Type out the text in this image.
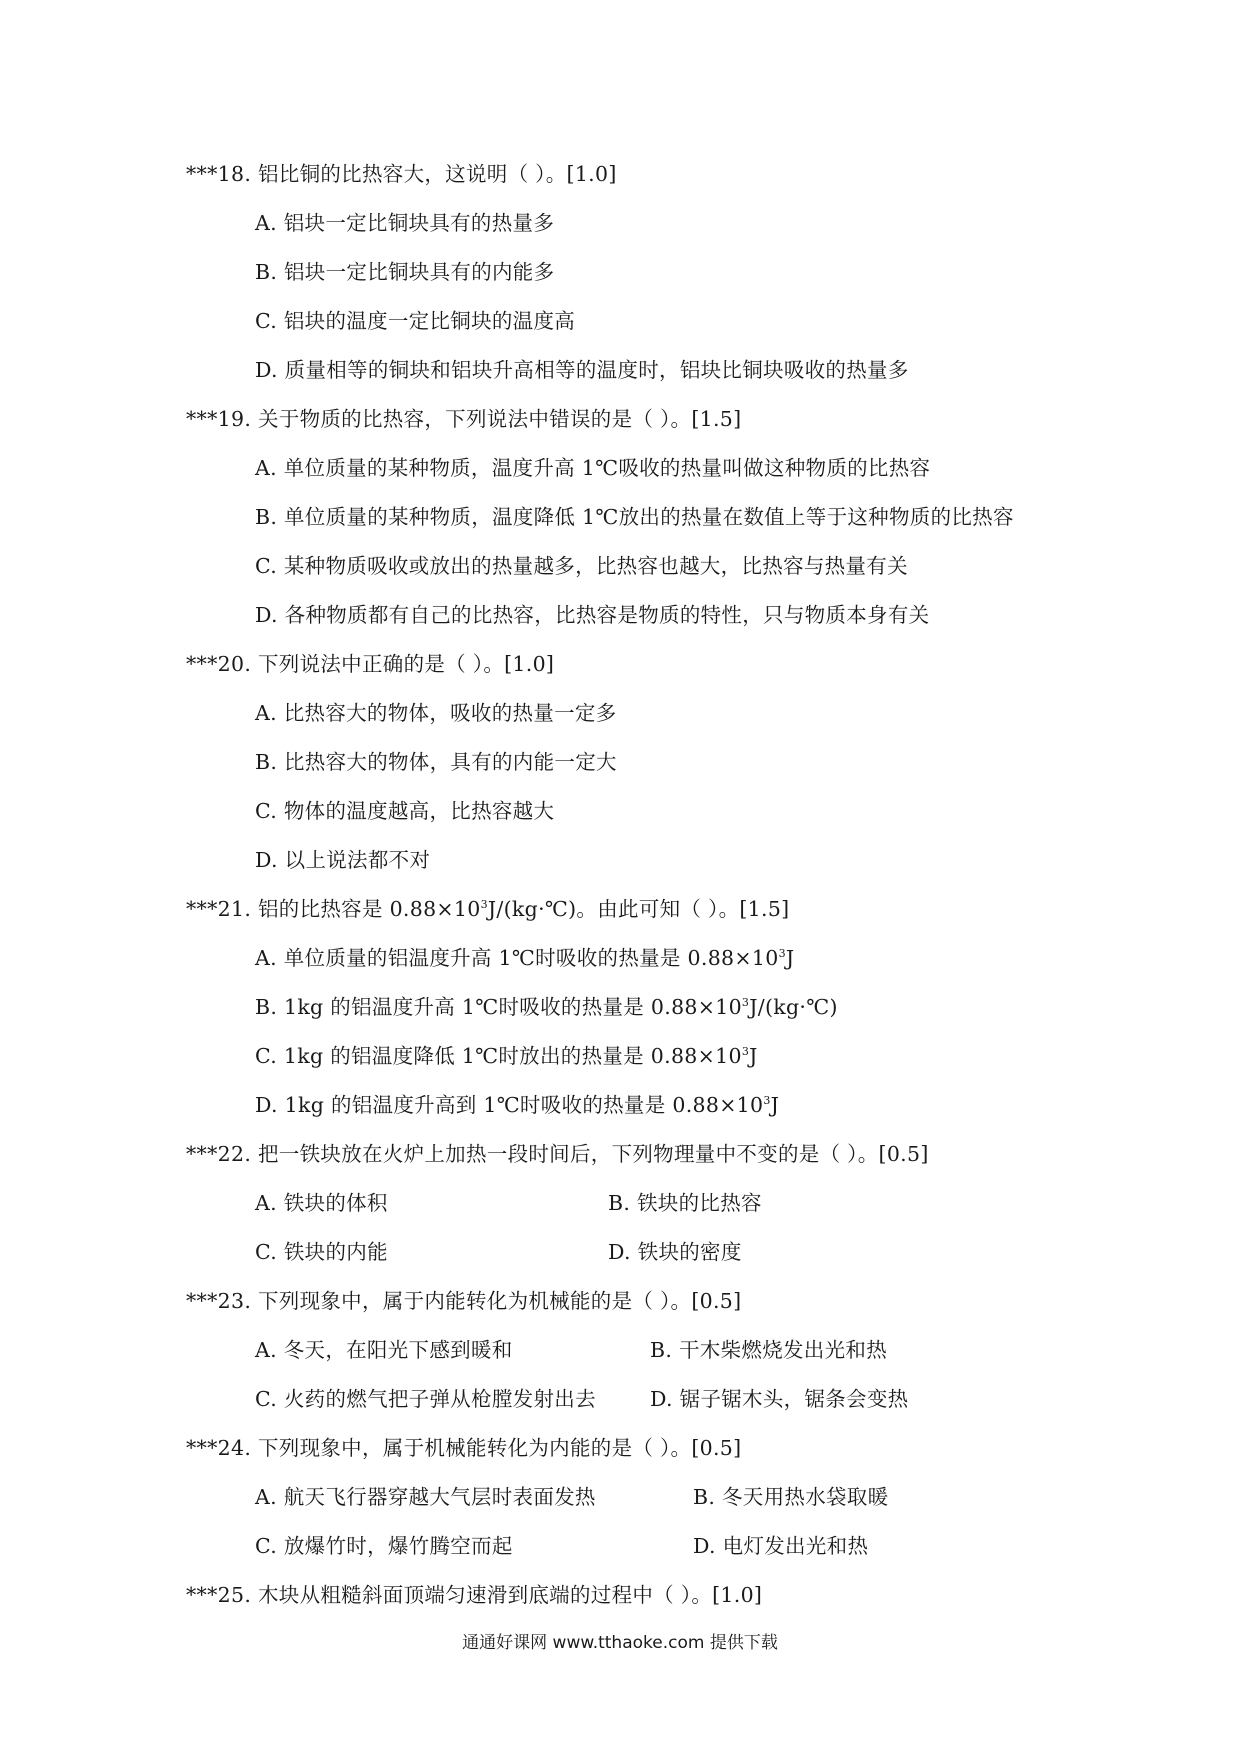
***18. 铝比铜的比热容大，这说明（ ）。[1.0]
A. 铝块一定比铜块具有的热量多
B. 铝块一定比铜块具有的内能多
C. 铝块的温度一定比铜块的温度高
D. 质量相等的铜块和铝块升高相等的温度时，铝块比铜块吸收的热量多
***19. 关于物质的比热容，下列说法中错误的是（ ）。[1.5]
A. 单位质量的某种物质，温度升高 1℃吸收的热量叫做这种物质的比热容
B. 单位质量的某种物质，温度降低 1℃放出的热量在数值上等于这种物质的比热容
C. 某种物质吸收或放出的热量越多，比热容也越大，比热容与热量有关
D. 各种物质都有自己的比热容，比热容是物质的特性，只与物质本身有关
***20. 下列说法中正确的是（ ）。[1.0]
A. 比热容大的物体，吸收的热量一定多
B. 比热容大的物体，具有的内能一定大
C. 物体的温度越高，比热容越大
D. 以上说法都不对
***21. 铝的比热容是 $0.88\times 10^3J/(kg\cdot℃)$。由此可知（ ）。[1.5]
A. 单位质量的铝温度升高 1℃时吸收的热量是 $0.88\times 10^3J$
B. 1kg 的铝温度升高 1℃时吸收的热量是 $0.88\times 10^3J/(kg\cdot℃)$
C. 1kg 的铝温度降低 1℃时放出的热量是 $0.88\times 10^3J$
D. 1kg 的铝温度升高到 1℃时吸收的热量是 $0.88\times 10^3J$
***22. 把一铁块放在火炉上加热一段时间后，下列物理量中不变的是（ ）。[0.5]
A. 铁块的体积	B. 铁块的比热容
C. 铁块的内能	D. 铁块的密度
***23. 下列现象中，属于内能转化为机械能的是（ ）。[0.5]
A. 冬天，在阳光下感到暖和	B. 干木柴燃烧发出光和热
C. 火药的燃气把子弹从枪膛发射出去	D. 锯子锯木头，锯条会变热
***24. 下列现象中，属于机械能转化为内能的是（ ）。[0.5]
A. 航天飞行器穿越大气层时表面发热	B. 冬天用热水袋取暖
C. 放爆竹时，爆竹腾空而起	D. 电灯发出光和热
***25. 木块从粗糙斜面顶端匀速滑到底端的过程中（ ）。[1.0]
通通好课网 www.tthaoke.com 提供下载
